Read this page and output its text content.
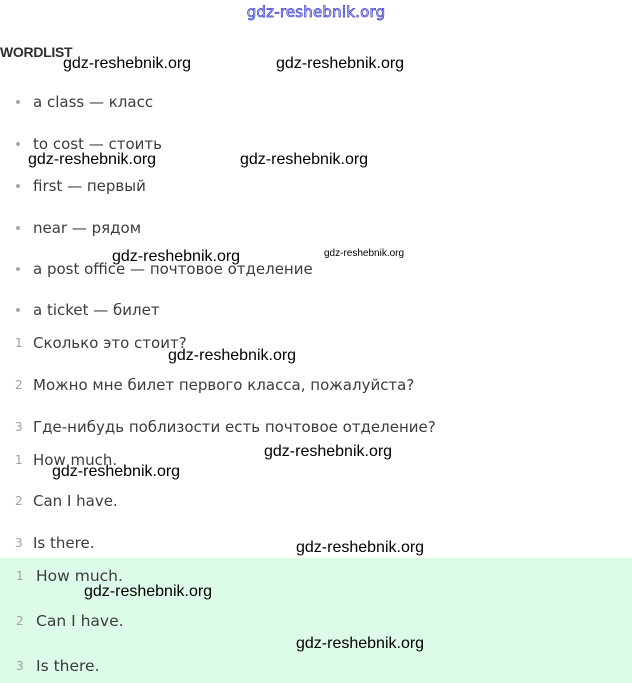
gdz-reshebnik.org
WORDLIST
a class — класс
to cost — стоить
first — первый
near — рядом
a post office — почтовое отделение
a ticket — билет
1 Сколько это стоит?
2 Можно мне билет первого класса, пожалуйста?
3 Где-нибудь поблизости есть почтовое отделение?
1 How much.
2 Can I have.
3 Is there.
1 How much.
2 Can I have.
3 Is there.
gdz-reshebnik.org	gdz-reshebnik.org
gdz-reshebnik.org	gdz-reshebnik.org
gdz-reshebnik.org	gdz-reshebnik.org
gdz-reshebnik.org
gdz-reshebnik.org
gdz-reshebnik.org
gdz-reshebnik.org
gdz-reshebnik.org
gdz-reshebnik.org
